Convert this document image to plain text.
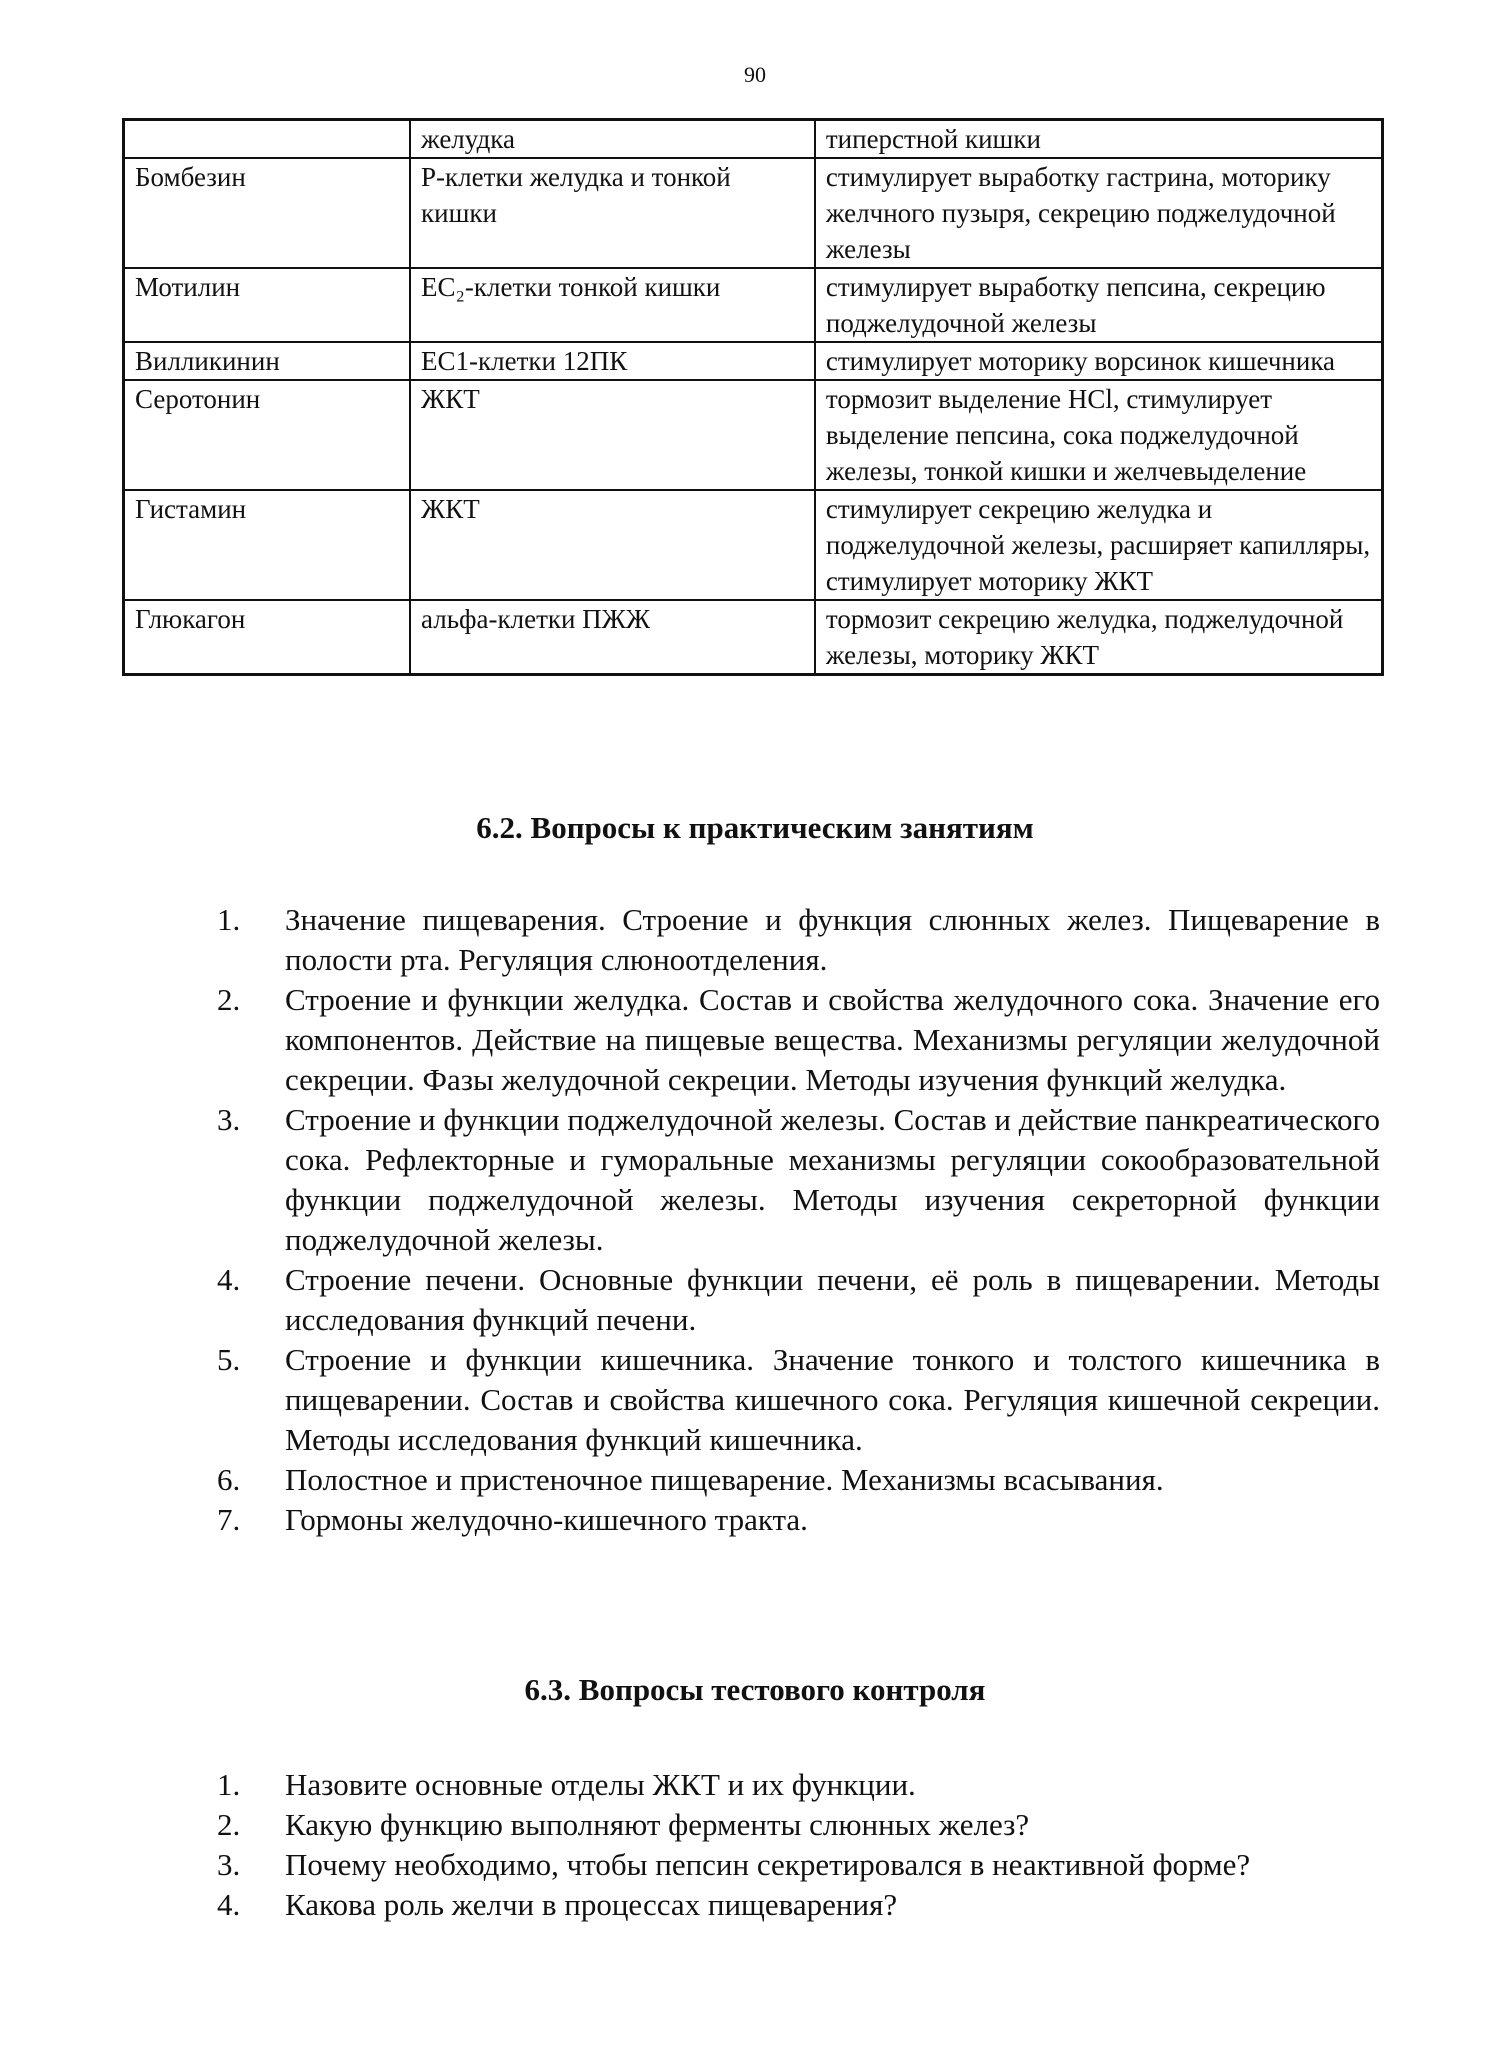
90
	желудка	типерстной кишки
Бомбезин	Р-клетки желудка и тонкой кишки	стимулирует выработку гастрина, моторику желчного пузыря, секрецию поджелудочной железы
Мотилин	EC₂-клетки тонкой кишки	стимулирует выработку пепсина, секрецию поджелудочной железы
Вилликинин	EC1-клетки 12ПК	стимулирует моторику ворсинок кишечника
Серотонин	ЖКТ	тормозит выделение HCl, стимулирует выделение пепсина, сока поджелудочной железы, тонкой кишки и желчевыделение
Гистамин	ЖКТ	стимулирует секрецию желудка и поджелудочной железы, расширяет капилляры, стимулирует моторику ЖКТ
Глюкагон	альфа-клетки ПЖЖ	тормозит секрецию желудка, поджелудочной железы, моторику ЖКТ
6.2. Вопросы к практическим занятиям
1. Значение пищеварения. Строение и функция слюнных желез. Пищеварение в полости рта. Регуляция слюноотделения.
2. Строение и функции желудка. Состав и свойства желудочного сока. Значение его компонентов. Действие на пищевые вещества. Механизмы регуляции желудочной секреции. Фазы желудочной секреции. Методы изучения функций желудка.
3. Строение и функции поджелудочной железы. Состав и действие панкреатического сока. Рефлекторные и гуморальные механизмы регуляции сокообразовательной функции поджелудочной железы. Методы изучения секреторной функции поджелудочной железы.
4. Строение печени. Основные функции печени, её роль в пищеварении. Методы исследования функций печени.
5. Строение и функции кишечника. Значение тонкого и толстого кишечника в пищеварении. Состав и свойства кишечного сока. Регуляция кишечной секреции. Методы исследования функций кишечника.
6. Полостное и пристеночное пищеварение. Механизмы всасывания.
7. Гормоны желудочно-кишечного тракта.
6.3. Вопросы тестового контроля
1. Назовите основные отделы ЖКТ и их функции.
2. Какую функцию выполняют ферменты слюнных желез?
3. Почему необходимо, чтобы пепсин секретировался в неактивной форме?
4. Какова роль желчи в процессах пищеварения?
